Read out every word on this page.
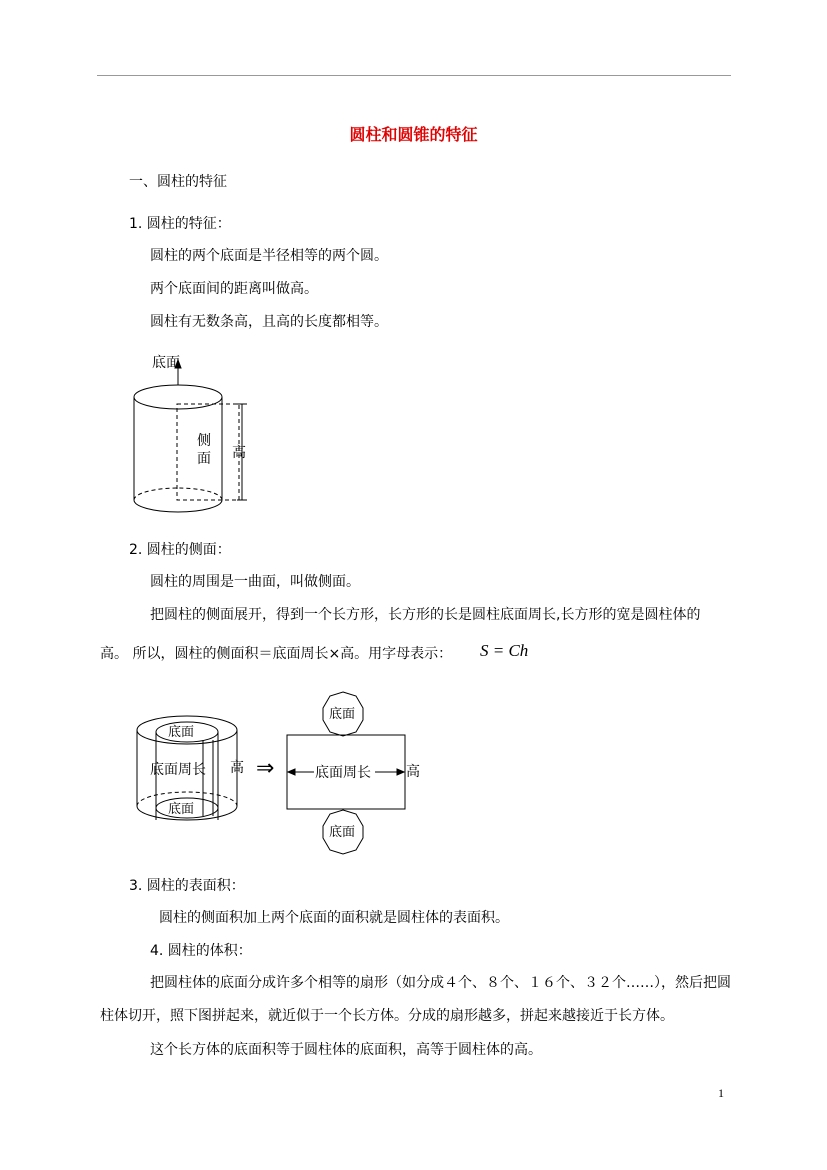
圆柱和圆锥的特征
一、圆柱的特征
1. 圆柱的特征：
圆柱的两个底面是半径相等的两个圆。
两个底面间的距离叫做高。
圆柱有无数条高，且高的长度都相等。
底面
侧
面 高
2. 圆柱的侧面：
圆柱的周围是一曲面，叫做侧面。
把圆柱的侧面展开，得到一个长方形，长方形的长是圆柱底面周长,长方形的宽是圆柱体的
高。 所以，圆柱的侧面积＝底面周长×高。用字母表示： S = Ch
底面
底面周长 高
底面
⇒
底面
底面周长	高
底面
3. 圆柱的表面积：
圆柱的侧面积加上两个底面的面积就是圆柱体的表面积。
4. 圆柱的体积：
把圆柱体的底面分成许多个相等的扇形（如分成４个、８个、１６个、３２个……），然后把圆
柱体切开，照下图拼起来，就近似于一个长方体。分成的扇形越多，拼起来越接近于长方体。
这个长方体的底面积等于圆柱体的底面积，高等于圆柱体的高。
1
